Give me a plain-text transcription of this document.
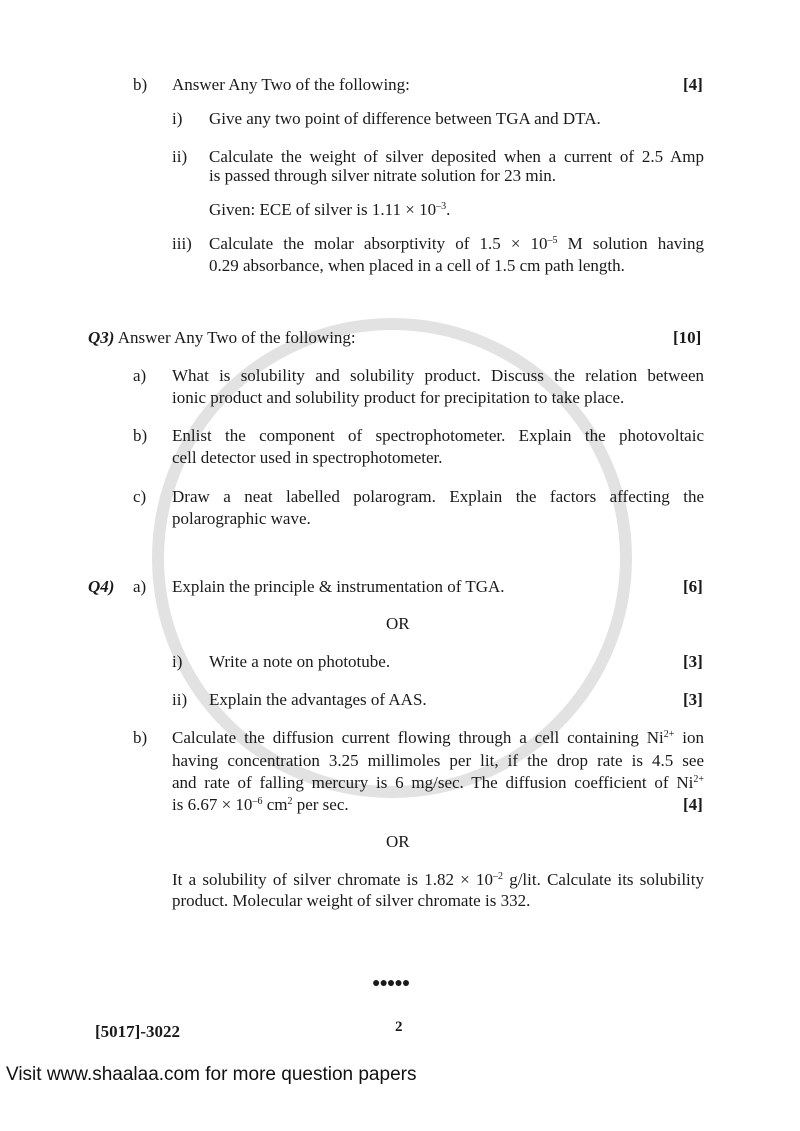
b) Answer Any Two of the following:	[4]
i) Give any two point of difference between TGA and DTA.
ii) Calculate the weight of silver deposited when a current of 2.5 Amp
is passed through silver nitrate solution for 23 min.
Given: ECE of silver is $1.11 \times 10^{-3}$.
iii) Calculate the molar absorptivity of $1.5 \times 10^{-5}$ M solution having
0.29 absorbance, when placed in a cell of 1.5 cm path length.
Q3) Answer Any Two of the following:	[10]
a) What is solubility and solubility product. Discuss the relation between
ionic product and solubility product for precipitation to take place.
b) Enlist the component of spectrophotometer. Explain the photovoltaic
cell detector used in spectrophotometer.
c) Draw a neat labelled polarogram. Explain the factors affecting the
polarographic wave.
Q4) a) Explain the principle & instrumentation of TGA.	[6]
OR
i) Write a note on phototube.	[3]
ii) Explain the advantages of AAS.	[3]
b) Calculate the diffusion current flowing through a cell containing $Ni^{2+}$ ion
having concentration 3.25 millimoles per lit, if the drop rate is 4.5 see
and rate of falling mercury is 6 mg/sec. The diffusion coefficient of $Ni^{2+}$
is $6.67 \times 10^{-6}$ $cm^2$ per sec.	[4]
OR
It a solubility of silver chromate is $1.82 \times 10^{-2}$ g/lit. Calculate its solubility
product. Molecular weight of silver chromate is 332.
●●●●●
[5017]-3022	2
Visit www.shaalaa.com for more question papers
